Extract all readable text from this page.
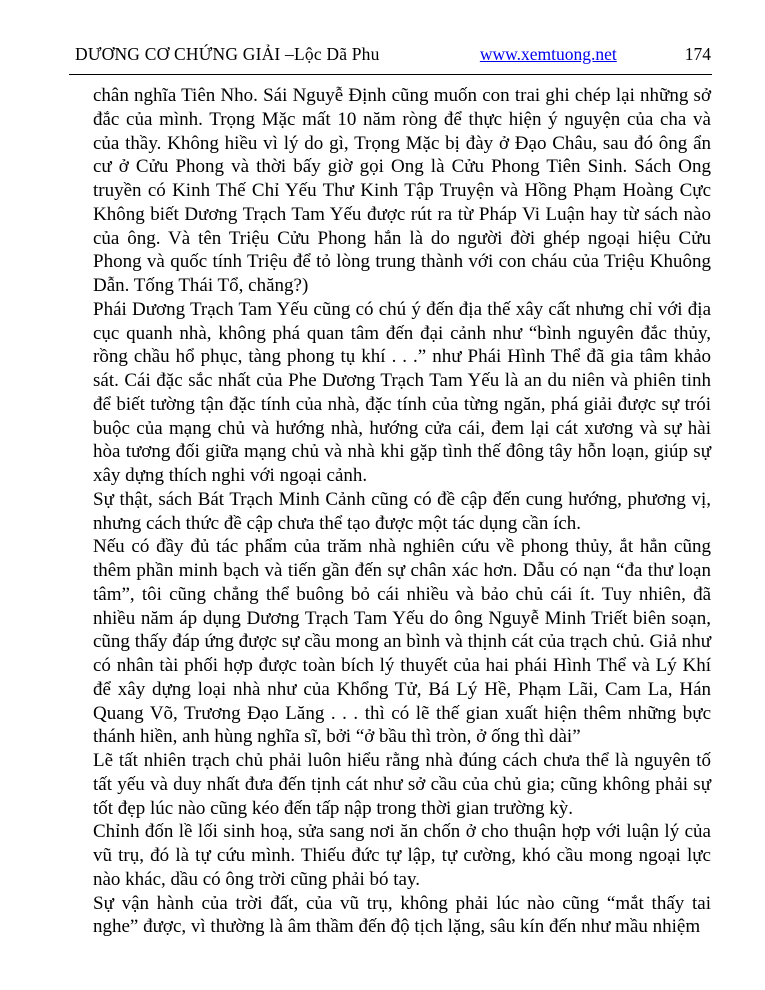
DƯƠNG CƠ CHỨNG GIẢI –Lộc Dã Phu	www.xemtuong.net	174

chân nghĩa Tiên Nho. Sái Nguyễ Định cũng muốn con trai ghi chép lại những sở đắc của mình. Trọng Mặc mất 10 năm ròng để thực hiện ý nguyện của cha và của thầy. Không hiều vì lý do gì, Trọng Mặc bị đày ở Đạo Châu, sau đó ông ẩn cư ở Cửu Phong và thời bấy giờ gọi Ong là Cửu Phong Tiên Sinh. Sách Ong truyền có Kinh Thế Chỉ Yếu Thư Kinh Tập Truyện và Hồng Phạm Hoàng Cực Không biết Dương Trạch Tam Yếu được rút ra từ Pháp Vi Luận hay từ sách nào của ông. Và tên Triệu Cửu Phong hắn là do người đời ghép ngoại hiệu Cửu Phong và quốc tính Triệu để tỏ lòng trung thành với con cháu của Triệu Khuông Dẫn. Tống Thái Tổ, chăng?)

Phái Dương Trạch Tam Yếu cũng có chú ý đến địa thế xây cất nhưng chỉ với địa cục quanh nhà, không phá quan tâm đến đại cảnh như “bình nguyên đắc thủy, rồng chầu hổ phục, tàng phong tụ khí . . .” như Phái Hình Thể đã gia tâm khảo sát. Cái đặc sắc nhất của Phe Dương Trạch Tam Yếu là an du niên và phiên tinh để biết tường tận đặc tính của nhà, đặc tính của từng ngăn, phá giải được sự trói buộc của mạng chủ và hướng nhà, hướng cửa cái, đem lại cát xương và sự hài hòa tương đối giữa mạng chủ và nhà khi gặp tình thế đông tây hỗn loạn, giúp sự xây dựng thích nghi với ngoại cảnh.

Sự thật, sách Bát Trạch Minh Cảnh cũng có đề cập đến cung hướng, phương vị, nhưng cách thức đề cập chưa thể tạo được một tác dụng cần ích.

Nếu có đầy đủ tác phẩm của trăm nhà nghiên cứu về phong thủy, ắt hẳn cũng thêm phần minh bạch và tiến gần đến sự chân xác hơn. Dẫu có nạn “đa thư loạn tâm”, tôi cũng chẳng thể buông bỏ cái nhiều và bảo chủ cái ít. Tuy nhiên, đã nhiều năm áp dụng Dương Trạch Tam Yếu do ông Nguyễ Minh Triết biên soạn, cũng thấy đáp ứng được sự cầu mong an bình và thịnh cát của trạch chủ. Giả như có nhân tài phối hợp được toàn bích lý thuyết của hai phái Hình Thể và Lý Khí để xây dựng loại nhà như của Khổng Tử, Bá Lý Hề, Phạm Lãi, Cam La, Hán Quang Võ, Trương Đạo Lăng . . . thì có lẽ thế gian xuất hiện thêm những bực thánh hiền, anh hùng nghĩa sĩ, bởi “ở bầu thì tròn, ở ống thì dài”

Lẽ tất nhiên trạch chủ phải luôn hiểu rằng nhà đúng cách chưa thể là nguyên tố tất yếu và duy nhất đưa đến tịnh cát như sở cầu của chủ gia; cũng không phải sự tốt đẹp lúc nào cũng kéo đến tấp nập trong thời gian trường kỳ.

Chỉnh đốn lề lối sinh hoạ, sửa sang nơi ăn chốn ở cho thuận hợp với luận lý của vũ trụ, đó là tự cứu mình. Thiếu đức tự lập, tự cường, khó cầu mong ngoại lực nào khác, dầu có ông trời cũng phải bó tay.

Sự vận hành của trời đất, của vũ trụ, không phải lúc nào cũng “mắt thấy tai nghe” được, vì thường là âm thầm đến độ tịch lặng, sâu kín đến như mầu nhiệm
